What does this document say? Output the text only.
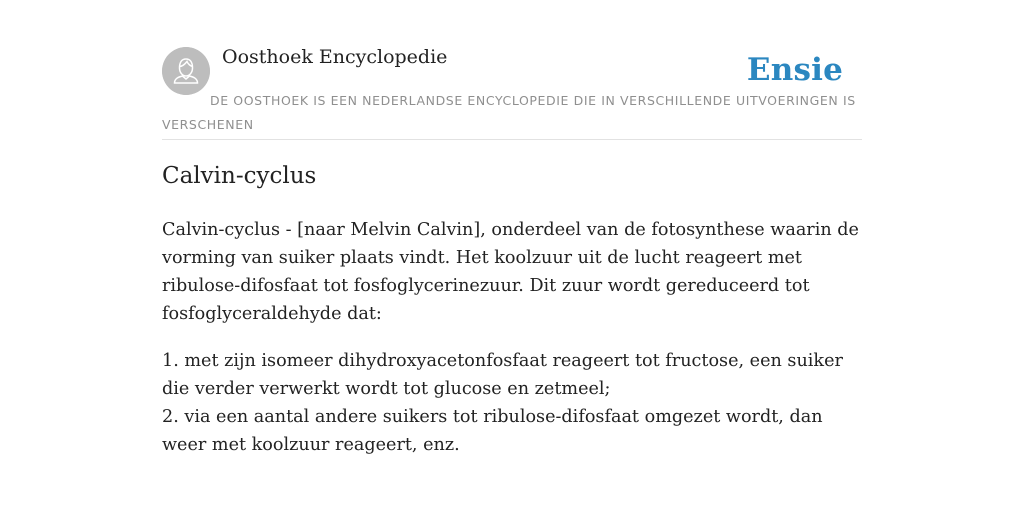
Oosthoek Encyclopedie	Ensie
DE OOSTHOEK IS EEN NEDERLANDSE ENCYCLOPEDIE DIE IN VERSCHILLENDE UITVOERINGEN IS VERSCHENEN
Calvin-cyclus

Calvin-cyclus - [naar Melvin Calvin], onderdeel van de fotosynthese waarin de vorming van suiker plaats vindt. Het koolzuur uit de lucht reageert met ribulose-difosfaat tot fosfoglycerinezuur. Dit zuur wordt gereduceerd tot fosfoglyceraldehyde dat:

1. met zijn isomeer dihydroxyacetonfosfaat reageert tot fructose, een suiker die verder verwerkt wordt tot glucose en zetmeel;
2. via een aantal andere suikers tot ribulose-difosfaat omgezet wordt, dan weer met koolzuur reageert, enz.
